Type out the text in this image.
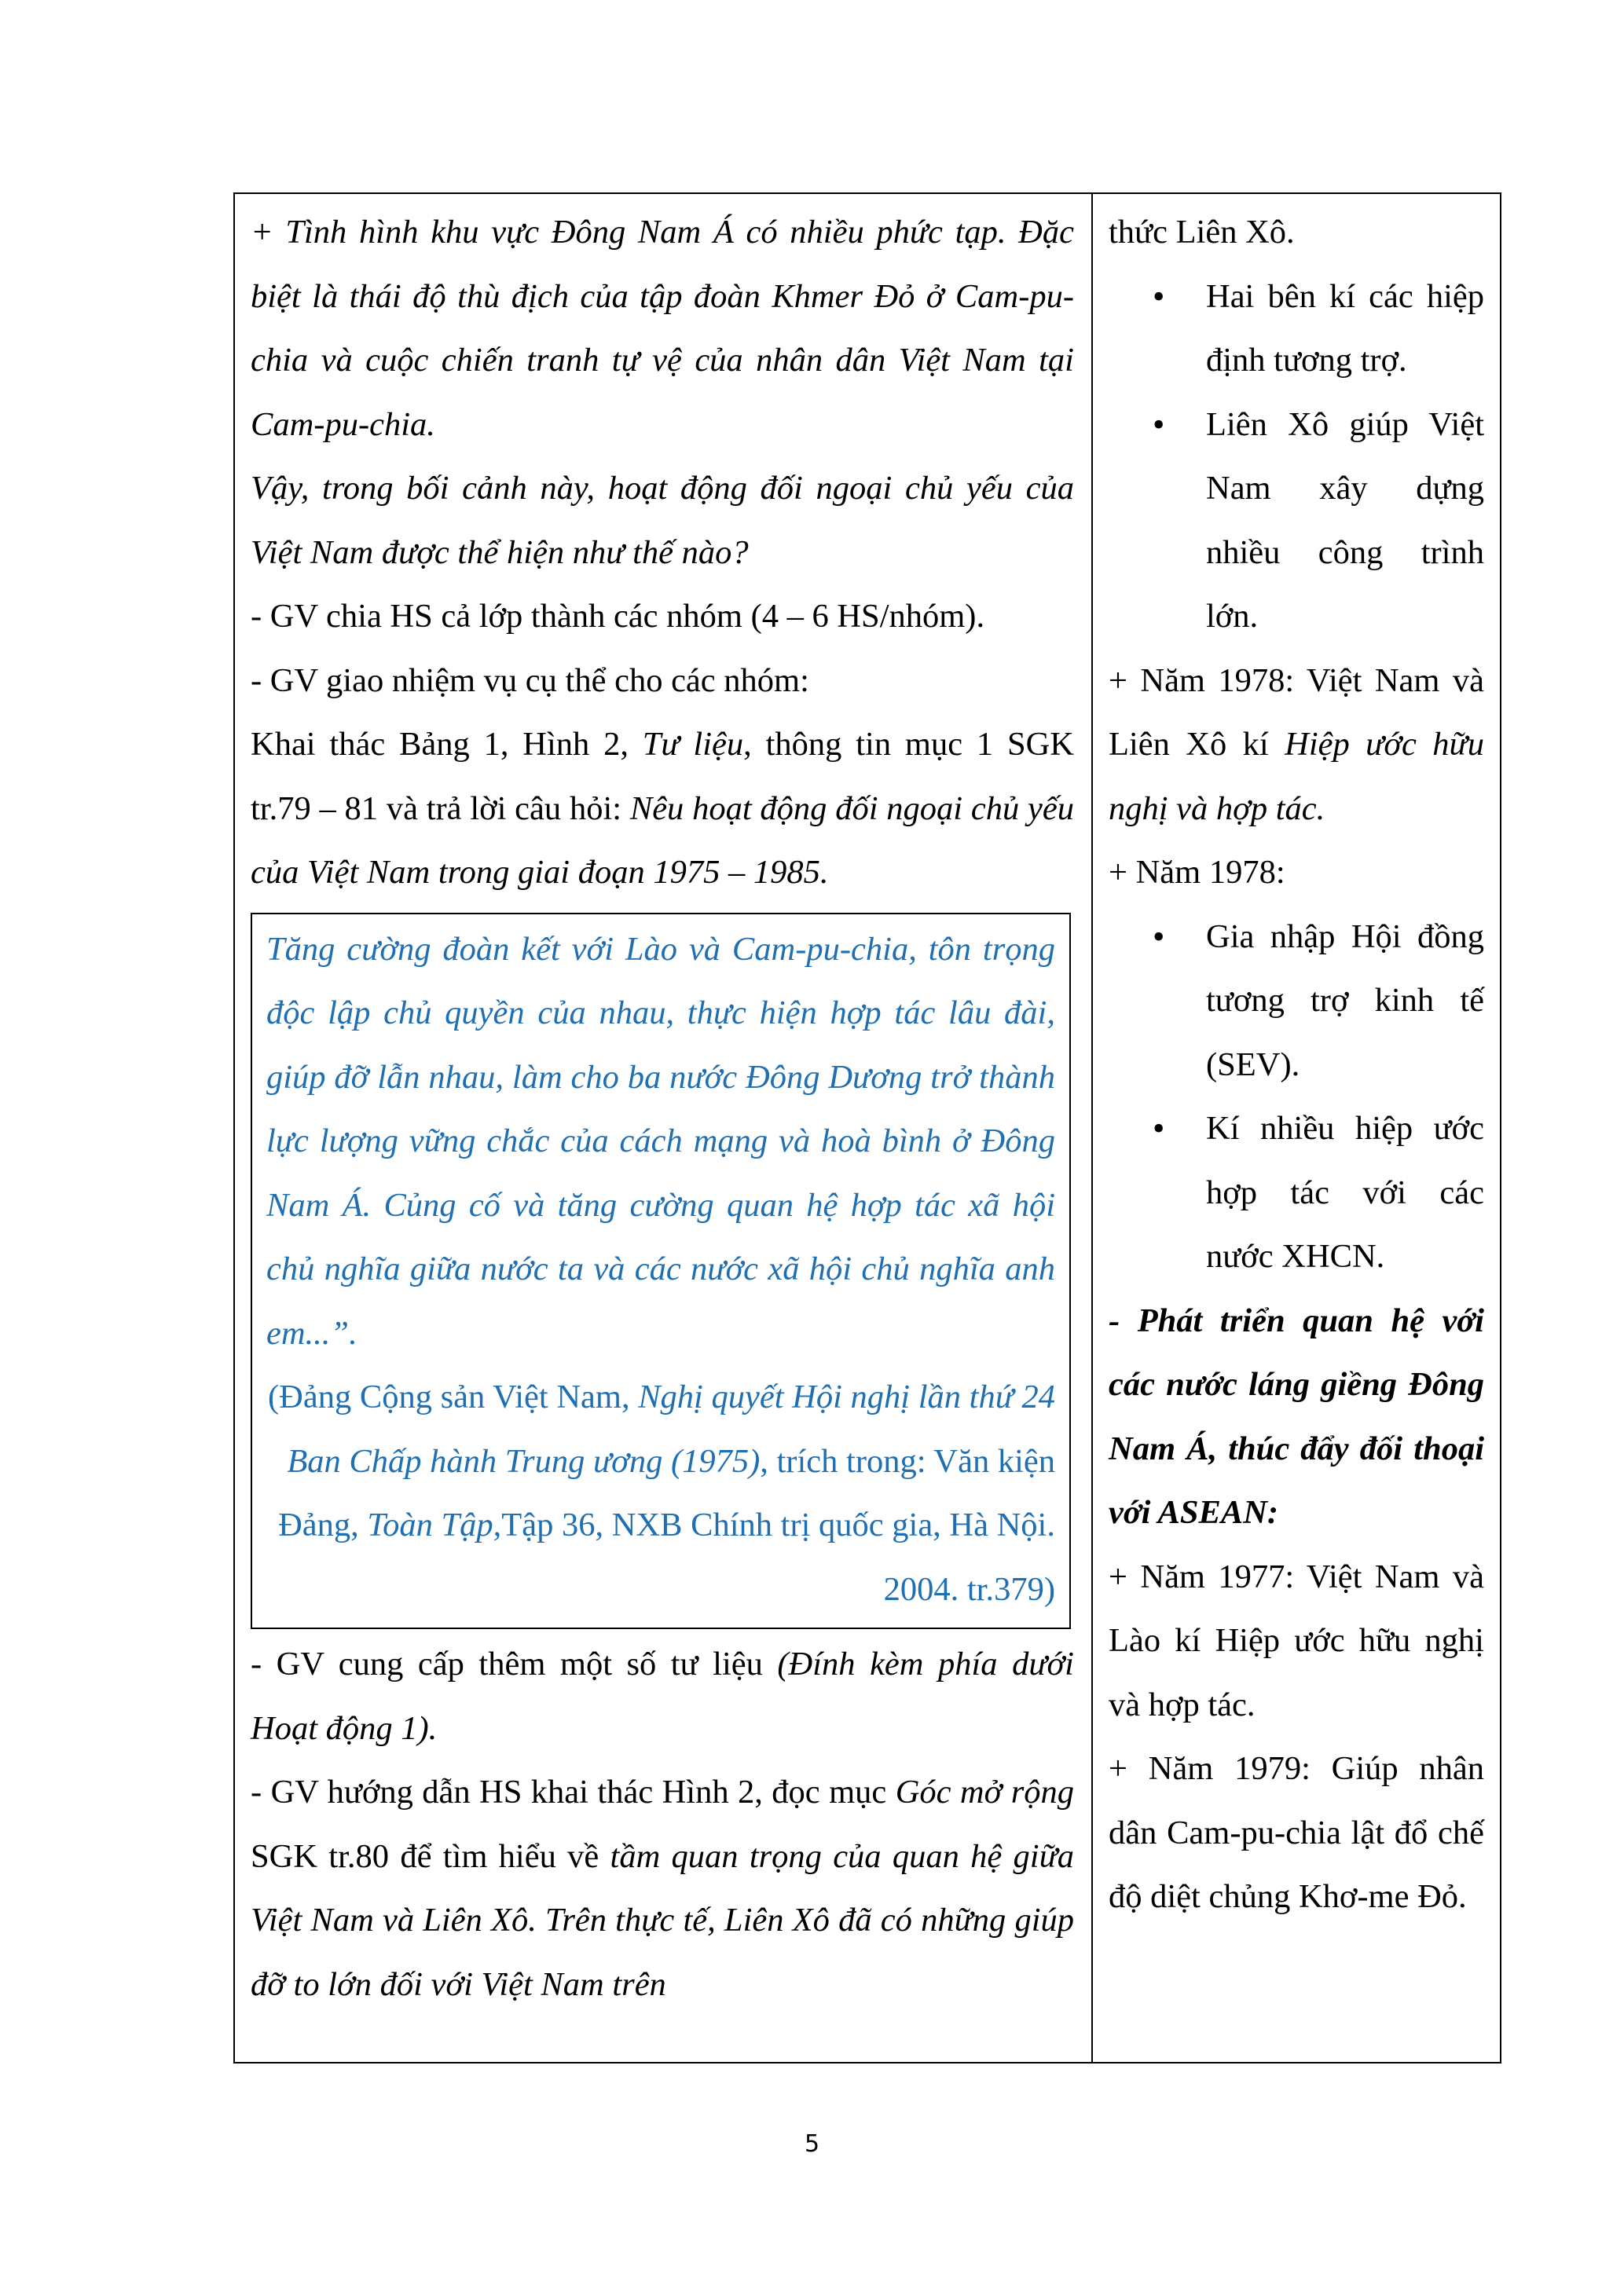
+ Tình hình khu vực Đông Nam Á có nhiều phức tạp. Đặc biệt là thái độ thù địch của tập đoàn Khmer Đỏ ở Cam-pu-chia và cuộc chiến tranh tự vệ của nhân dân Việt Nam tại Cam-pu-chia.

Vậy, trong bối cảnh này, hoạt động đối ngoại chủ yếu của Việt Nam được thể hiện như thế nào?

- GV chia HS cả lớp thành các nhóm (4 – 6 HS/nhóm).

- GV giao nhiệm vụ cụ thể cho các nhóm:

Khai thác Bảng 1, Hình 2, Tư liệu, thông tin mục 1 SGK tr.79 – 81 và trả lời câu hỏi: Nêu hoạt động đối ngoại chủ yếu của Việt Nam trong giai đoạn 1975 – 1985.

Tăng cường đoàn kết với Lào và Cam-pu-chia, tôn trọng độc lập chủ quyền của nhau, thực hiện hợp tác lâu đài, giúp đỡ lẫn nhau, làm cho ba nước Đông Dương trở thành lực lượng vững chắc của cách mạng và hoà bình ở Đông Nam Á. Củng cố và tăng cường quan hệ hợp tác xã hội chủ nghĩa giữa nước ta và các nước xã hội chủ nghĩa anh em...”.

(Đảng Cộng sản Việt Nam, Nghị quyết Hội nghị lần thứ 24 Ban Chấp hành Trung ương (1975), trích trong: Văn kiện Đảng, Toàn Tập,Tập 36, NXB Chính trị quốc gia, Hà Nội. 2004. tr.379)

- GV cung cấp thêm một số tư liệu (Đính kèm phía dưới Hoạt động 1).

- GV hướng dẫn HS khai thác Hình 2, đọc mục Góc mở rộng SGK tr.80 để tìm hiểu về tầm quan trọng của quan hệ giữa Việt Nam và Liên Xô. Trên thực tế, Liên Xô đã có những giúp đỡ to lớn đối với Việt Nam trên

thức Liên Xô.

• Hai bên kí các hiệp định tương trợ.

• Liên Xô giúp Việt Nam xây dựng nhiều công trình lớn.

+ Năm 1978: Việt Nam và Liên Xô kí Hiệp ước hữu nghị và hợp tác.

+ Năm 1978:

• Gia nhập Hội đồng tương trợ kinh tế (SEV).

• Kí nhiều hiệp ước hợp tác với các nước XHCN.

- Phát triển quan hệ với các nước láng giềng Đông Nam Á, thúc đẩy đối thoại với ASEAN:

+ Năm 1977: Việt Nam và Lào kí Hiệp ước hữu nghị và hợp tác.

+ Năm 1979: Giúp nhân dân Cam-pu-chia lật đổ chế độ diệt chủng Khơ-me Đỏ.

5
